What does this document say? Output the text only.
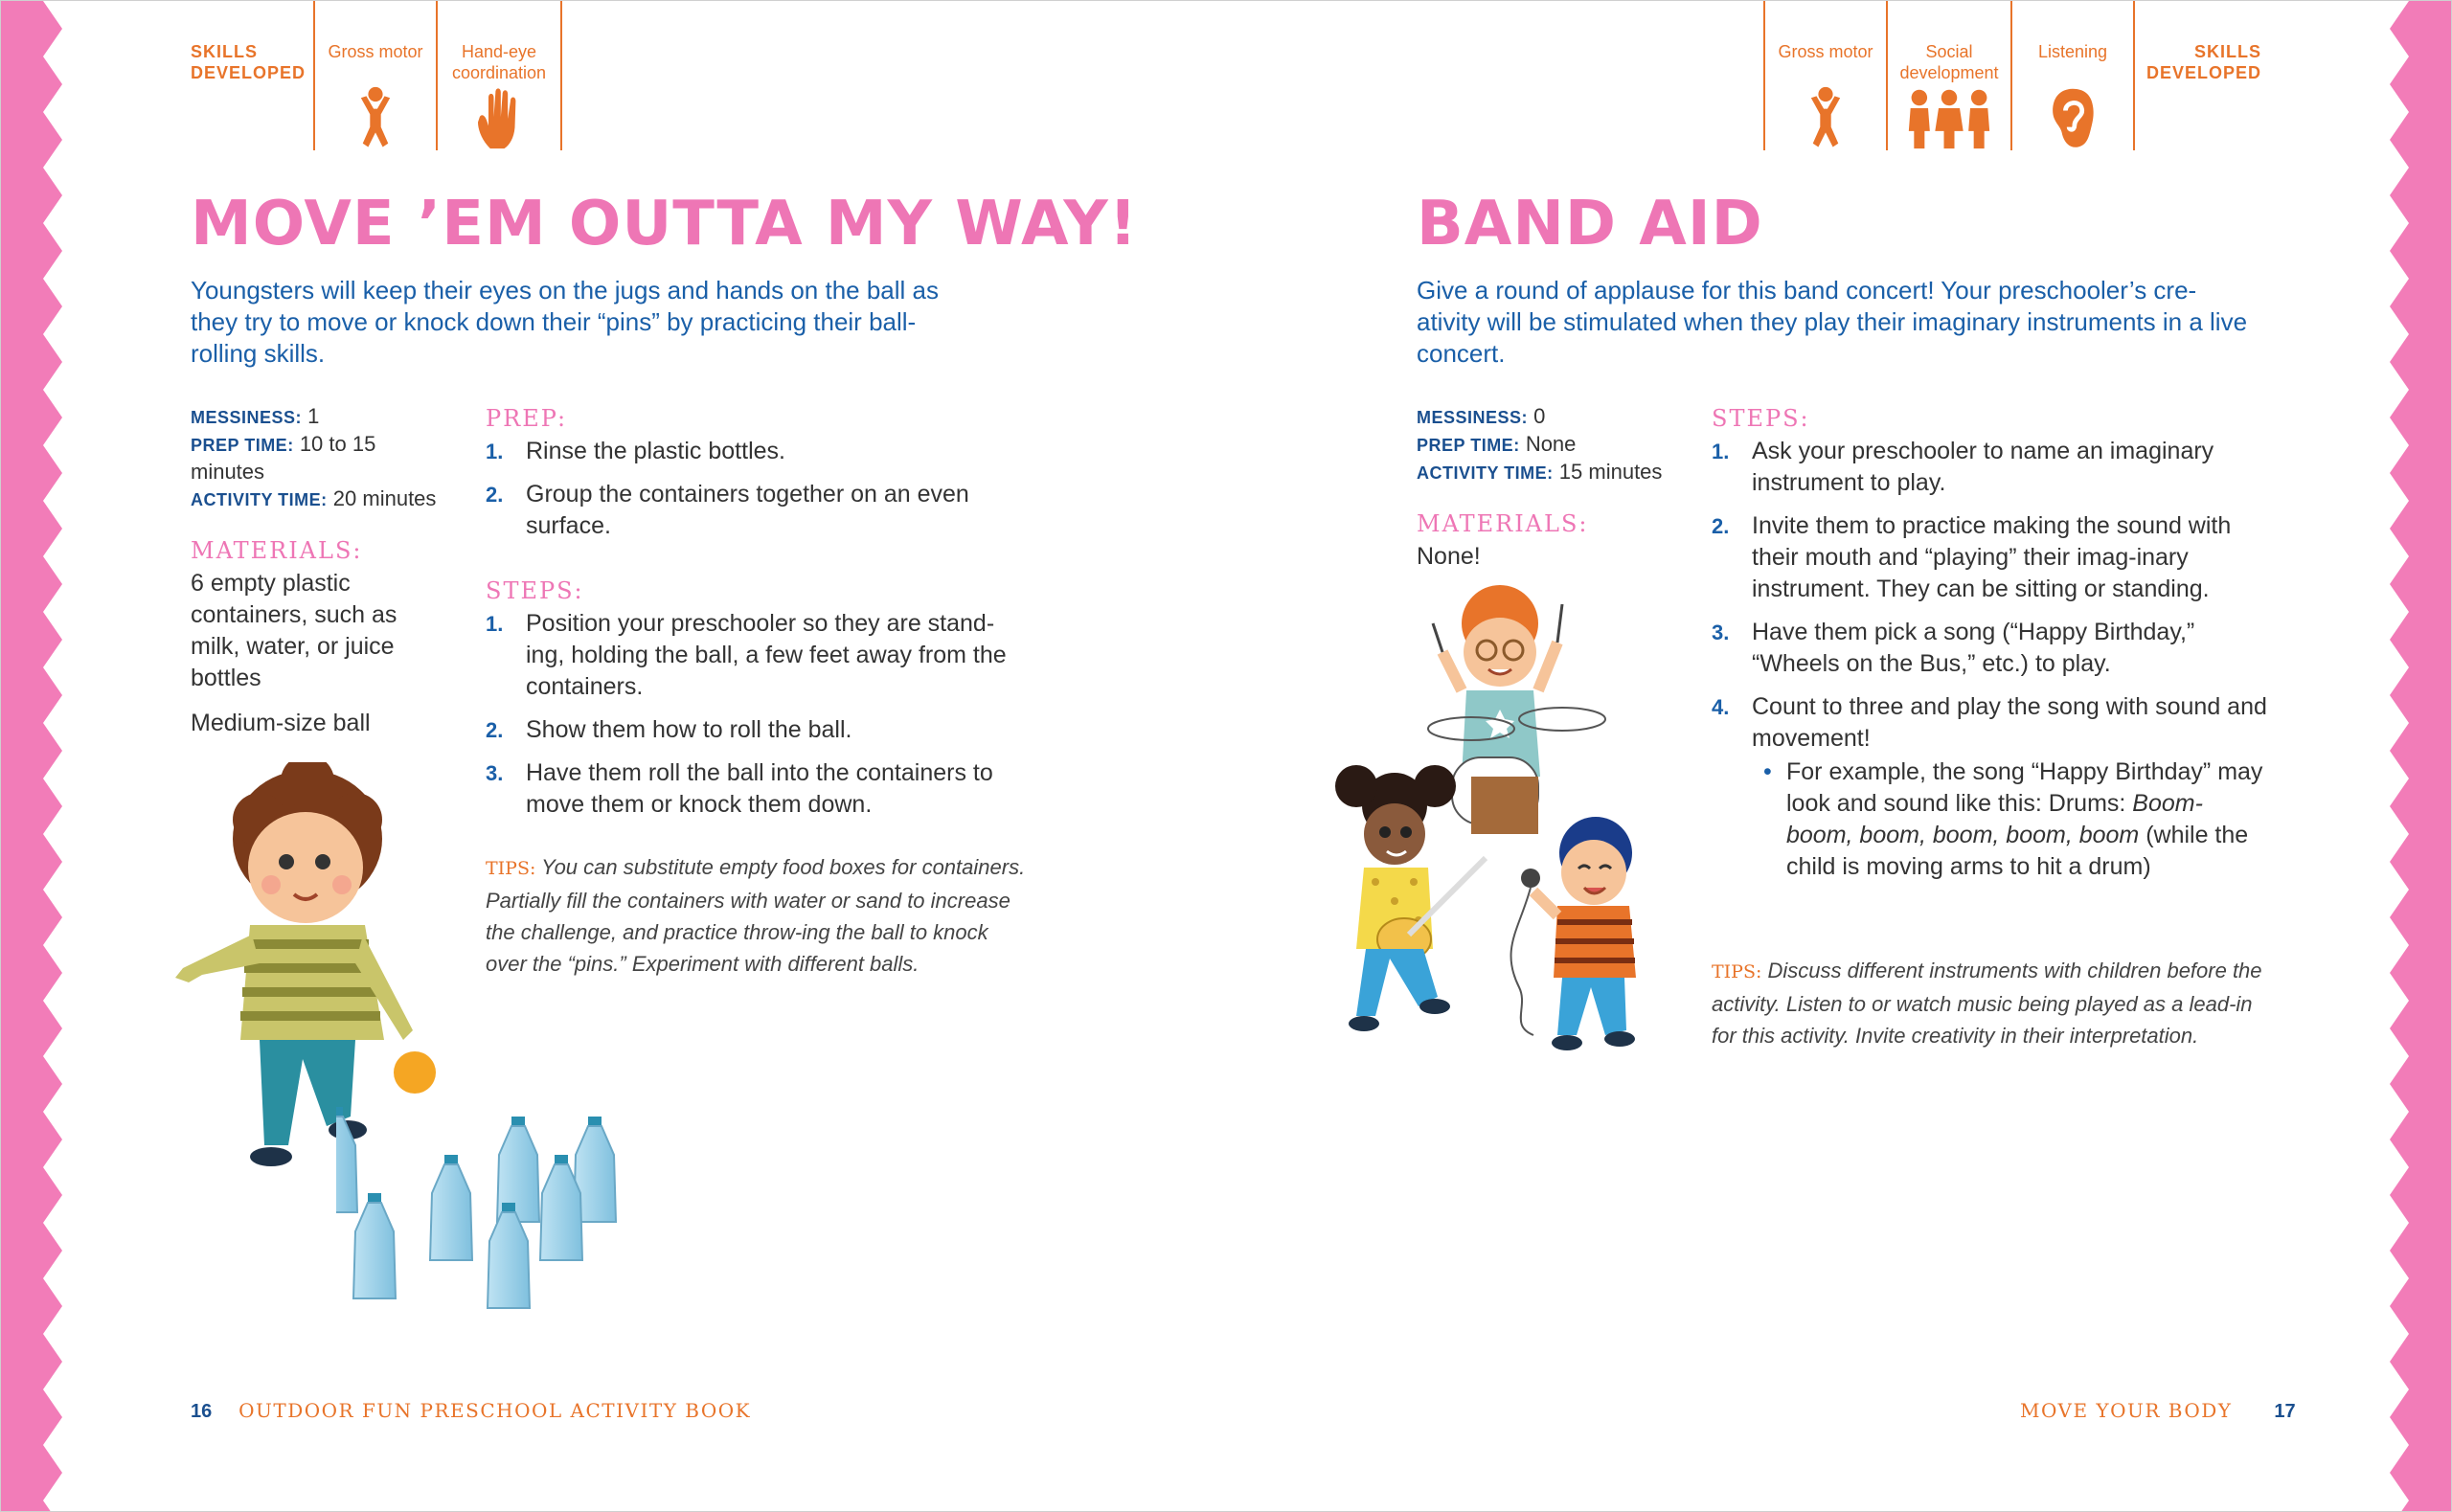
SKILLS DEVELOPED
Gross motor	Hand-eye coordination
MOVE ’EM OUTTA MY WAY!

Youngsters will keep their eyes on the jugs and hands on the ball as they try to move or knock down their “pins” by practicing their ball-rolling skills.

MESSINESS: 1
PREP TIME: 10 to 15 minutes
ACTIVITY TIME: 20 minutes
MATERIALS:
6 empty plastic containers, such as milk, water, or juice bottles
Medium-size ball
PREP:
1. Rinse the plastic bottles.
2. Group the containers together on an even surface.
STEPS:
1. Position your preschooler so they are stand-ing, holding the ball, a few feet away from the containers.
2. Show them how to roll the ball.
3. Have them roll the ball into the containers to move them or knock them down.
TIPS: You can substitute empty food boxes for containers. Partially fill the containers with water or sand to increase the challenge, and practice throw-ing the ball to knock over the “pins.” Experiment with different balls.
16 OUTDOOR FUN PRESCHOOL ACTIVITY BOOK
Gross motor	Social development
Listening	SKILLS DEVELOPED
BAND AID

Give a round of applause for this band concert! Your preschooler’s cre-ativity will be stimulated when they play their imaginary instruments in a live concert.

MESSINESS: 0
PREP TIME: None
ACTIVITY TIME: 15 minutes
MATERIALS:
None!
STEPS:
1. Ask your preschooler to name an imaginary instrument to play.
2. Invite them to practice making the sound with their mouth and “playing” their imag-inary instrument. They can be sitting or standing.
3. Have them pick a song (“Happy Birthday,” “Wheels on the Bus,” etc.) to play.
4. Count to three and play the song with sound and movement!
• For example, the song “Happy Birthday” may look and sound like this: Drums: Boom-boom, boom, boom, boom, boom (while the child is moving arms to hit a drum)
TIPS: Discuss different instruments with children before the activity. Listen to or watch music being played as a lead-in for this activity. Invite creativity in their interpretation.
MOVE YOUR BODY 17
